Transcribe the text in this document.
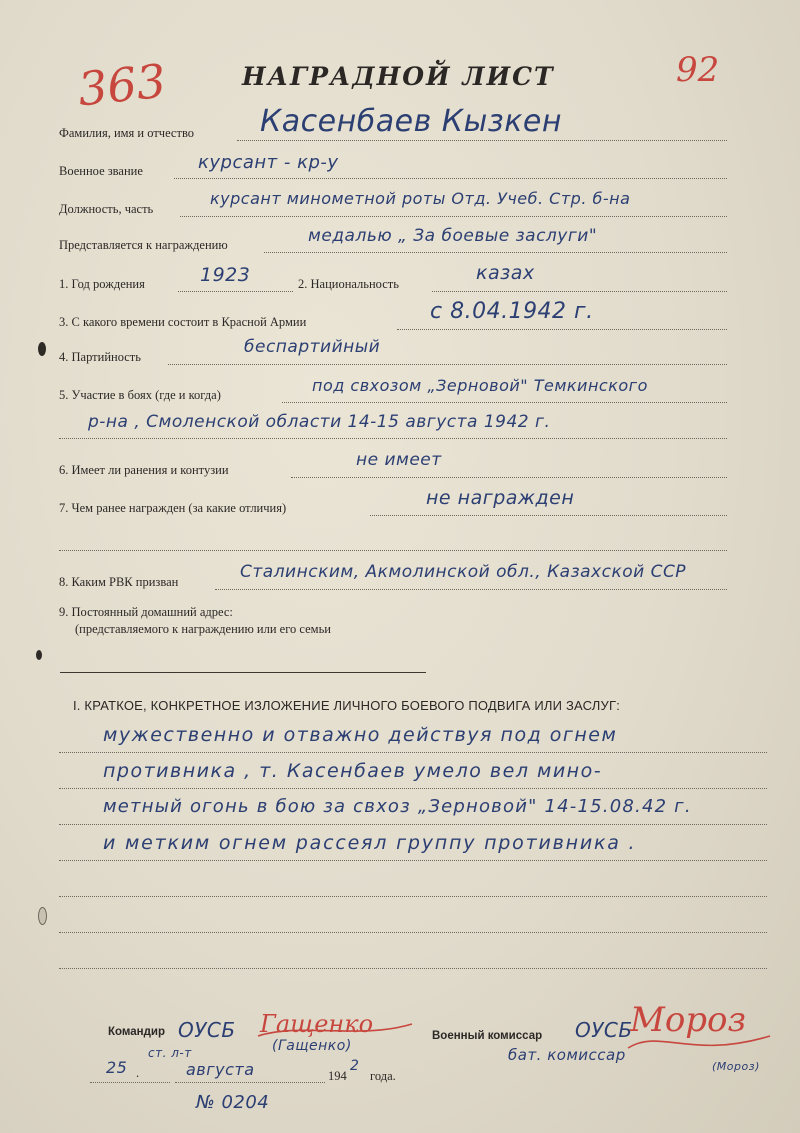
363	92
НАГРАДНОЙ ЛИСТ
Фамилия, имя и отчество Касенбаев Кызкен
Военное звание	курсант - кр-у
Должность, часть
курсант минометной роты Отд. Учеб. Стр. б-на
Представляется к награждению	медалью „ За боевые заслуги"
1. Год рождения	1923	2. Национальность	казах
3. С какого времени состоит в Красной Армии	с 8.04.1942 г.
4. Партийность	беспартийный
5. Участие в боях (где и когда)	под свхозом „Зерновой" Темкинского
р-на , Смоленской области 14-15 августа 1942 г.
6. Имеет ли ранения и контузии	не имеет
7. Чем ранее награжден (за какие отличия)	не награжден
8. Каким РВК призван	Сталинским, Акмолинской обл., Казахской ССР
9. Постоянный домашний адрес:
(представляемого к награждению или его семьи
I. КРАТКОЕ, КОНКРЕТНОЕ ИЗЛОЖЕНИЕ ЛИЧНОГО БОЕВОГО ПОДВИГА ИЛИ ЗАСЛУГ:
мужественно и отважно действуя под огнем
противника , т. Касенбаев умело вел мино-
метный огонь в бою за свхоз „Зерновой" 14-15.08.42 г.
и метким огнем рассеял группу противника .
Командир ОУСБ Гащенко
(Гащенко)
ст. л-т
Военный комиссар ОУСБ
Мороз
бат. комиссар
(Мороз)
25 .	августа	194
2
года.
№ 0204
